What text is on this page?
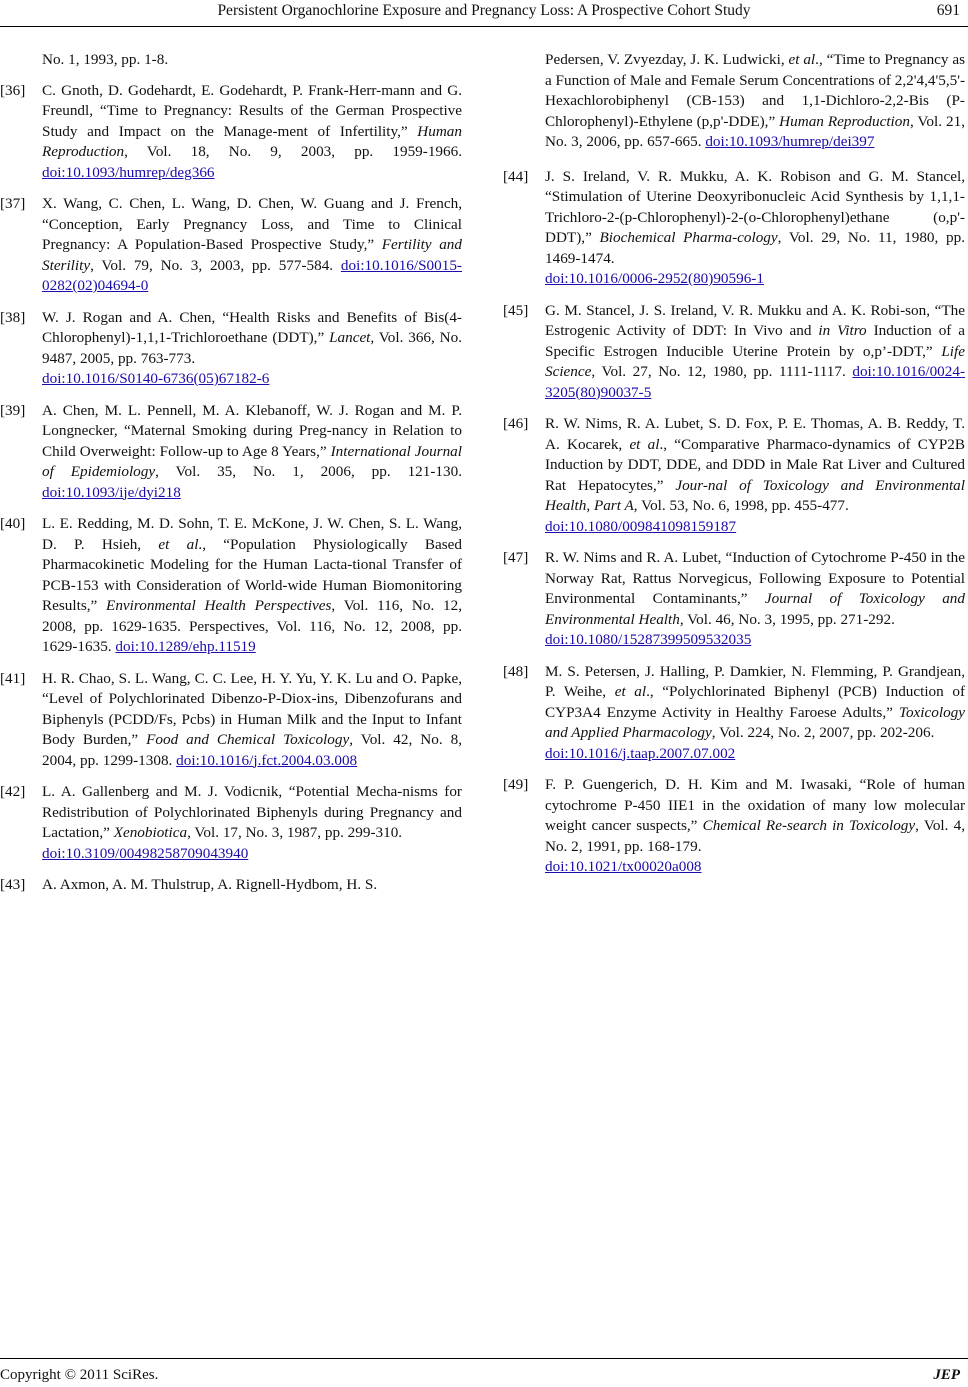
Persistent Organochlorine Exposure and Pregnancy Loss: A Prospective Cohort Study	691
No. 1, 1993, pp. 1-8.
[36] C. Gnoth, D. Godehardt, E. Godehardt, P. Frank-Herr-mann and G. Freundl, “Time to Pregnancy: Results of the German Prospective Study and Impact on the Manage-ment of Infertility,” Human Reproduction, Vol. 18, No. 9, 2003, pp. 1959-1966. doi:10.1093/humrep/deg366
[37] X. Wang, C. Chen, L. Wang, D. Chen, W. Guang and J. French, “Conception, Early Pregnancy Loss, and Time to Clinical Pregnancy: A Population-Based Prospective Study,” Fertility and Sterility, Vol. 79, No. 3, 2003, pp. 577-584. doi:10.1016/S0015-0282(02)04694-0
[38] W. J. Rogan and A. Chen, “Health Risks and Benefits of Bis(4-Chlorophenyl)-1,1,1-Trichloroethane (DDT),” Lancet, Vol. 366, No. 9487, 2005, pp. 763-773.
doi:10.1016/S0140-6736(05)67182-6
[39] A. Chen, M. L. Pennell, M. A. Klebanoff, W. J. Rogan and M. P. Longnecker, “Maternal Smoking during Preg-nancy in Relation to Child Overweight: Follow-up to Age 8 Years,” International Journal of Epidemiology, Vol. 35, No. 1, 2006, pp. 121-130. doi:10.1093/ije/dyi218
[40] L. E. Redding, M. D. Sohn, T. E. McKone, J. W. Chen, S. L. Wang, D. P. Hsieh, et al., “Population Physiologically Based Pharmacokinetic Modeling for the Human Lacta-tional Transfer of PCB-153 with Consideration of World-wide Human Biomonitoring Results,” Environmental Health Perspectives, Vol. 116, No. 12, 2008, pp. 1629-1635. Perspectives, Vol. 116, No. 12, 2008, pp. 1629-1635. doi:10.1289/ehp.11519
[41] H. R. Chao, S. L. Wang, C. C. Lee, H. Y. Yu, Y. K. Lu and O. Papke, “Level of Polychlorinated Dibenzo-P-Diox-ins, Dibenzofurans and Biphenyls (PCDD/Fs, Pcbs) in Human Milk and the Input to Infant Body Burden,” Food and Chemical Toxicology, Vol. 42, No. 8, 2004, pp. 1299-1308. doi:10.1016/j.fct.2004.03.008
[42] L. A. Gallenberg and M. J. Vodicnik, “Potential Mecha-nisms for Redistribution of Polychlorinated Biphenyls during Pregnancy and Lactation,” Xenobiotica, Vol. 17, No. 3, 1987, pp. 299-310.
doi:10.3109/00498258709043940
[43] A. Axmon, A. M. Thulstrup, A. Rignell-Hydbom, H. S.
Pedersen, V. Zvyezday, J. K. Ludwicki, et al., “Time to Pregnancy as a Function of Male and Female Serum Concentrations of 2,2'4,4'5,5'-Hexachlorobiphenyl (CB-153) and 1,1-Dichloro-2,2-Bis (P-Chlorophenyl)-Ethylene (p,p'-DDE),” Human Reproduction, Vol. 21, No. 3, 2006, pp. 657-665. doi:10.1093/humrep/dei397
[44] J. S. Ireland, V. R. Mukku, A. K. Robison and G. M. Stancel, “Stimulation of Uterine Deoxyribonucleic Acid Synthesis by 1,1,1-Trichloro-2-(p-Chlorophenyl)-2-(o-Chlorophenyl)ethane (o,p'-DDT),” Biochemical Pharma-cology, Vol. 29, No. 11, 1980, pp. 1469-1474.
doi:10.1016/0006-2952(80)90596-1
[45] G. M. Stancel, J. S. Ireland, V. R. Mukku and A. K. Robi-son, “The Estrogenic Activity of DDT: In Vivo and in Vitro Induction of a Specific Estrogen Inducible Uterine Protein by o,p’-DDT,” Life Science, Vol. 27, No. 12, 1980, pp. 1111-1117. doi:10.1016/0024-3205(80)90037-5
[46] R. W. Nims, R. A. Lubet, S. D. Fox, P. E. Thomas, A. B. Reddy, T. A. Kocarek, et al., “Comparative Pharmaco-dynamics of CYP2B Induction by DDT, DDE, and DDD in Male Rat Liver and Cultured Rat Hepatocytes,” Jour-nal of Toxicology and Environmental Health, Part A, Vol. 53, No. 6, 1998, pp. 455-477.
doi:10.1080/009841098159187
[47] R. W. Nims and R. A. Lubet, “Induction of Cytochrome P-450 in the Norway Rat, Rattus Norvegicus, Following Exposure to Potential Environmental Contaminants,” Journal of Toxicology and Environmental Health, Vol. 46, No. 3, 1995, pp. 271-292.
doi:10.1080/15287399509532035
[48] M. S. Petersen, J. Halling, P. Damkier, N. Flemming, P. Grandjean, P. Weihe, et al., “Polychlorinated Biphenyl (PCB) Induction of CYP3A4 Enzyme Activity in Healthy Faroese Adults,” Toxicology and Applied Pharmacology, Vol. 224, No. 2, 2007, pp. 202-206.
doi:10.1016/j.taap.2007.07.002
[49] F. P. Guengerich, D. H. Kim and M. Iwasaki, “Role of human cytochrome P-450 IIE1 in the oxidation of many low molecular weight cancer suspects,” Chemical Re-search in Toxicology, Vol. 4, No. 2, 1991, pp. 168-179.
doi:10.1021/tx00020a008
Copyright © 2011 SciRes.	JEP
